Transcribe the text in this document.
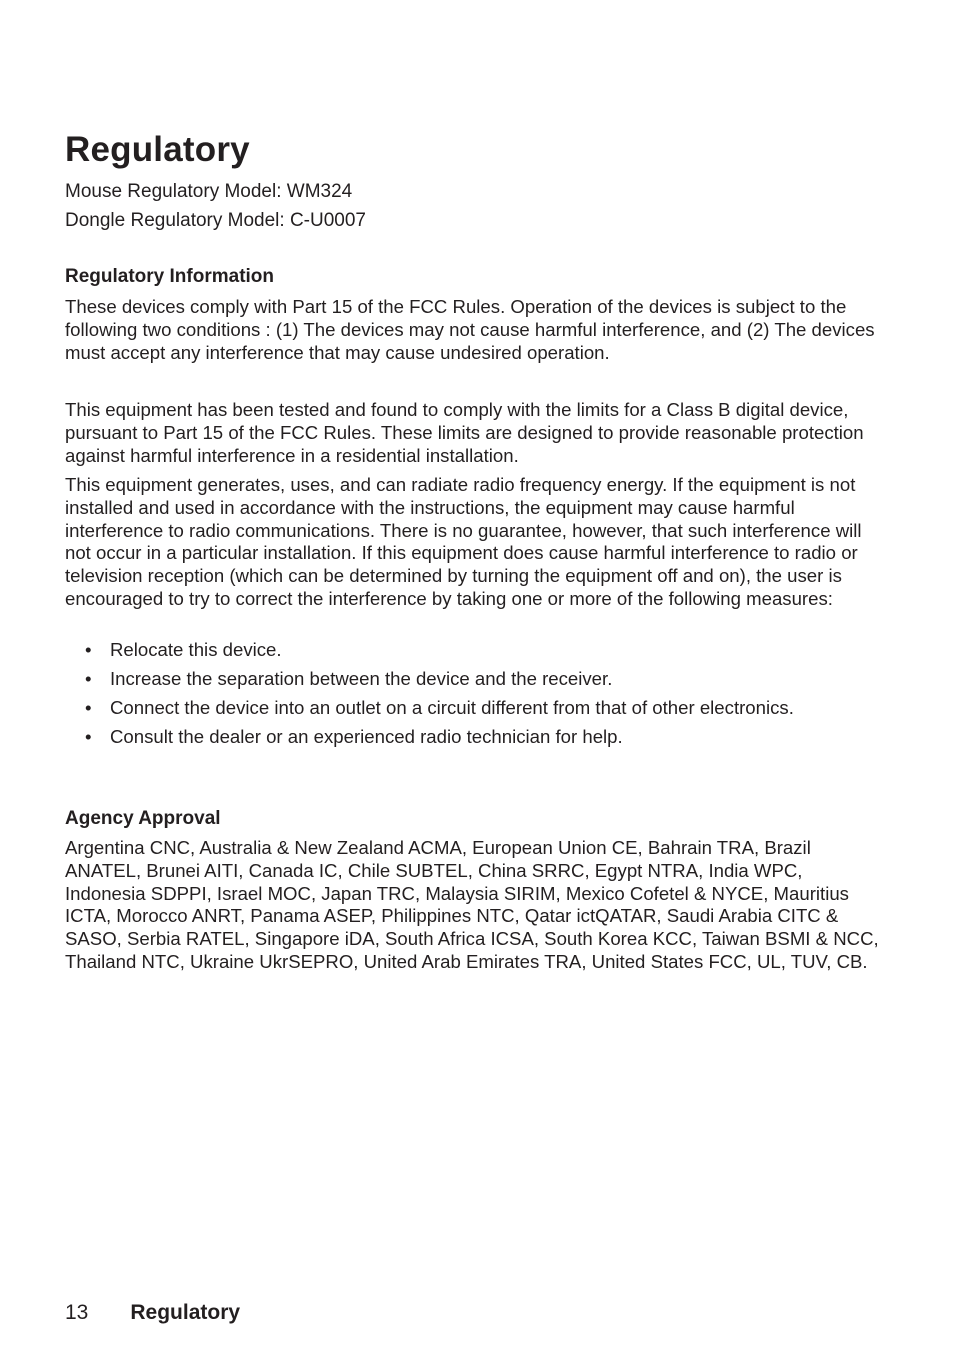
Regulatory
Mouse Regulatory Model: WM324
Dongle Regulatory Model: C-U0007
Regulatory Information

These devices comply with Part 15 of the FCC Rules. Operation of the devices is subject to the following two conditions : (1) The devices may not cause harmful interference, and (2) The devices must accept any interference that may cause undesired operation.

This equipment has been tested and found to comply with the limits for a Class B digital device, pursuant to Part 15 of the FCC Rules. These limits are designed to provide reasonable protection against harmful interference in a residential installation.

This equipment generates, uses, and can radiate radio frequency energy. If the equipment is not installed and used in accordance with the instructions, the equipment may cause harmful interference to radio communications. There is no guarantee, however, that such interference will not occur in a particular installation. If this equipment does cause harmful interference to radio or television reception (which can be determined by turning the equipment off and on), the user is encouraged to try to correct the interference by taking one or more of the following measures:

• Relocate this device.
• Increase the separation between the device and the receiver.
• Connect the device into an outlet on a circuit different from that of other electronics.
• Consult the dealer or an experienced radio technician for help.
Agency Approval

Argentina CNC, Australia & New Zealand ACMA, European Union CE, Bahrain TRA, Brazil ANATEL, Brunei AITI, Canada IC, Chile SUBTEL, China SRRC, Egypt NTRA, India WPC, Indonesia SDPPI, Israel MOC, Japan TRC, Malaysia SIRIM, Mexico Cofetel & NYCE, Mauritius ICTA, Morocco ANRT, Panama ASEP, Philippines NTC, Qatar ictQATAR, Saudi Arabia CITC & SASO, Serbia RATEL, Singapore iDA, South Africa ICSA, South Korea KCC, Taiwan BSMI & NCC, Thailand NTC, Ukraine UkrSEPRO, United Arab Emirates TRA, United States FCC, UL, TUV, CB.

13 Regulatory
